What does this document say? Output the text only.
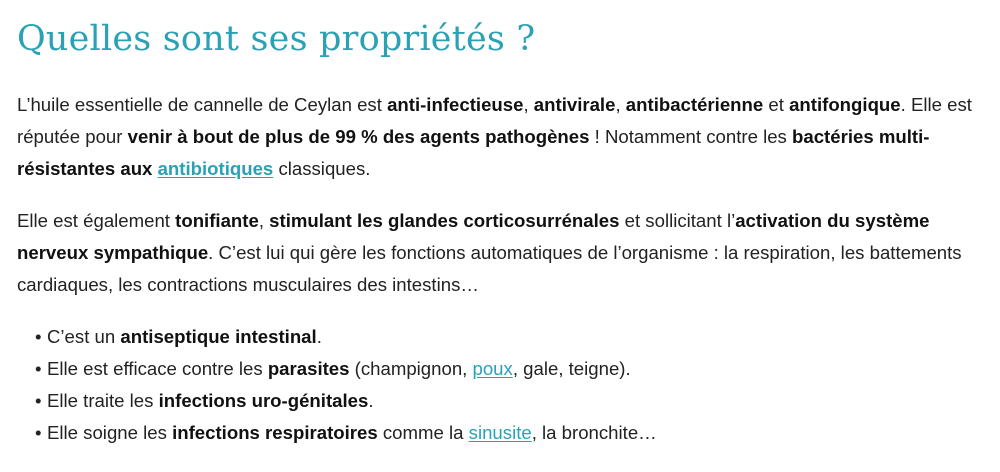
Quelles sont ses propriétés ?

L’huile essentielle de cannelle de Ceylan est anti-infectieuse, antivirale, antibactérienne et antifongique. Elle est réputée pour venir à bout de plus de 99 % des agents pathogènes ! Notamment contre les bactéries multi-résistantes aux antibiotiques classiques.

Elle est également tonifiante, stimulant les glandes corticosurrénales et sollicitant l’activation du système nerveux sympathique. C’est lui qui gère les fonctions automatiques de l’organisme : la respiration, les battements cardiaques, les contractions musculaires des intestins…

• C’est un antiseptique intestinal.
• Elle est efficace contre les parasites (champignon, poux, gale, teigne).
• Elle traite les infections uro-génitales.
• Elle soigne les infections respiratoires comme la sinusite, la bronchite…
